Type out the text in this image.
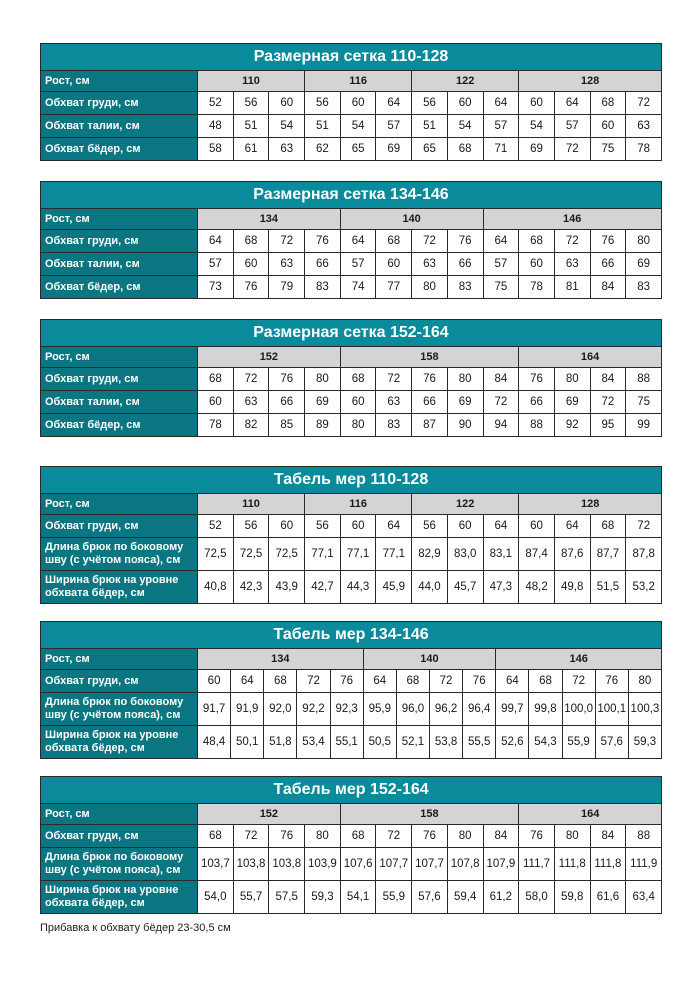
Размерная сетка 110-128													
Рост, см	110			116			122			128			
Обхват груди, см	52	56	60	56	60	64	56	60	64	60	64	68	72
Обхват талии, см	48	51	54	51	54	57	51	54	57	54	57	60	63
Обхват бёдер, см	58	61	63	62	65	69	65	68	71	69	72	75	78
Размерная сетка 134-146													
Рост, см	134				140				146				
Обхват груди, см	64	68	72	76	64	68	72	76	64	68	72	76	80
Обхват талии, см	57	60	63	66	57	60	63	66	57	60	63	66	69
Обхват бёдер, см	73	76	79	83	74	77	80	83	75	78	81	84	83
Размерная сетка 152-164													
Рост, см	152				158					164			
Обхват груди, см	68	72	76	80	68	72	76	80	84	76	80	84	88
Обхват талии, см	60	63	66	69	60	63	66	69	72	66	69	72	75
Обхват бёдер, см	78	82	85	89	80	83	87	90	94	88	92	95	99
Табель мер 110-128													
Рост, см	110			116			122			128			
Обхват груди, см	52	56	60	56	60	64	56	60	64	60	64	68	72
Длина брюк по боковому шву (с учётом пояса), см	72,5	72,5	72,5	77,1	77,1	77,1	82,9	83,0	83,1	87,4	87,6	87,7	87,8
Ширина брюк на уровне обхвата бёдер, см	40,8	42,3	43,9	42,7	44,3	45,9	44,0	45,7	47,3	48,2	49,8	51,5	53,2
Табель мер 134-146														
Рост, см	134					140				146				
Обхват груди, см	60	64	68	72	76	64	68	72	76	64	68	72	76	80
Длина брюк по боковому шву (с учётом пояса), см	91,7	91,9	92,0	92,2	92,3	95,9	96,0	96,2	96,4	99,7	99,8	100,0	100,1	100,3
Ширина брюк на уровне обхвата бёдер, см	48,4	50,1	51,8	53,4	55,1	50,5	52,1	53,8	55,5	52,6	54,3	55,9	57,6	59,3
Табель мер 152-164													
Рост, см	152				158					164			
Обхват груди, см	68	72	76	80	68	72	76	80	84	76	80	84	88
Длина брюк по боковому шву (с учётом пояса), см	103,7	103,8	103,8	103,9	107,6	107,7	107,7	107,8	107,9	111,7	111,8	111,8	111,9
Ширина брюк на уровне обхвата бёдер, см	54,0	55,7	57,5	59,3	54,1	55,9	57,6	59,4	61,2	58,0	59,8	61,6	63,4
Прибавка к обхвату бёдер 23-30,5 см
